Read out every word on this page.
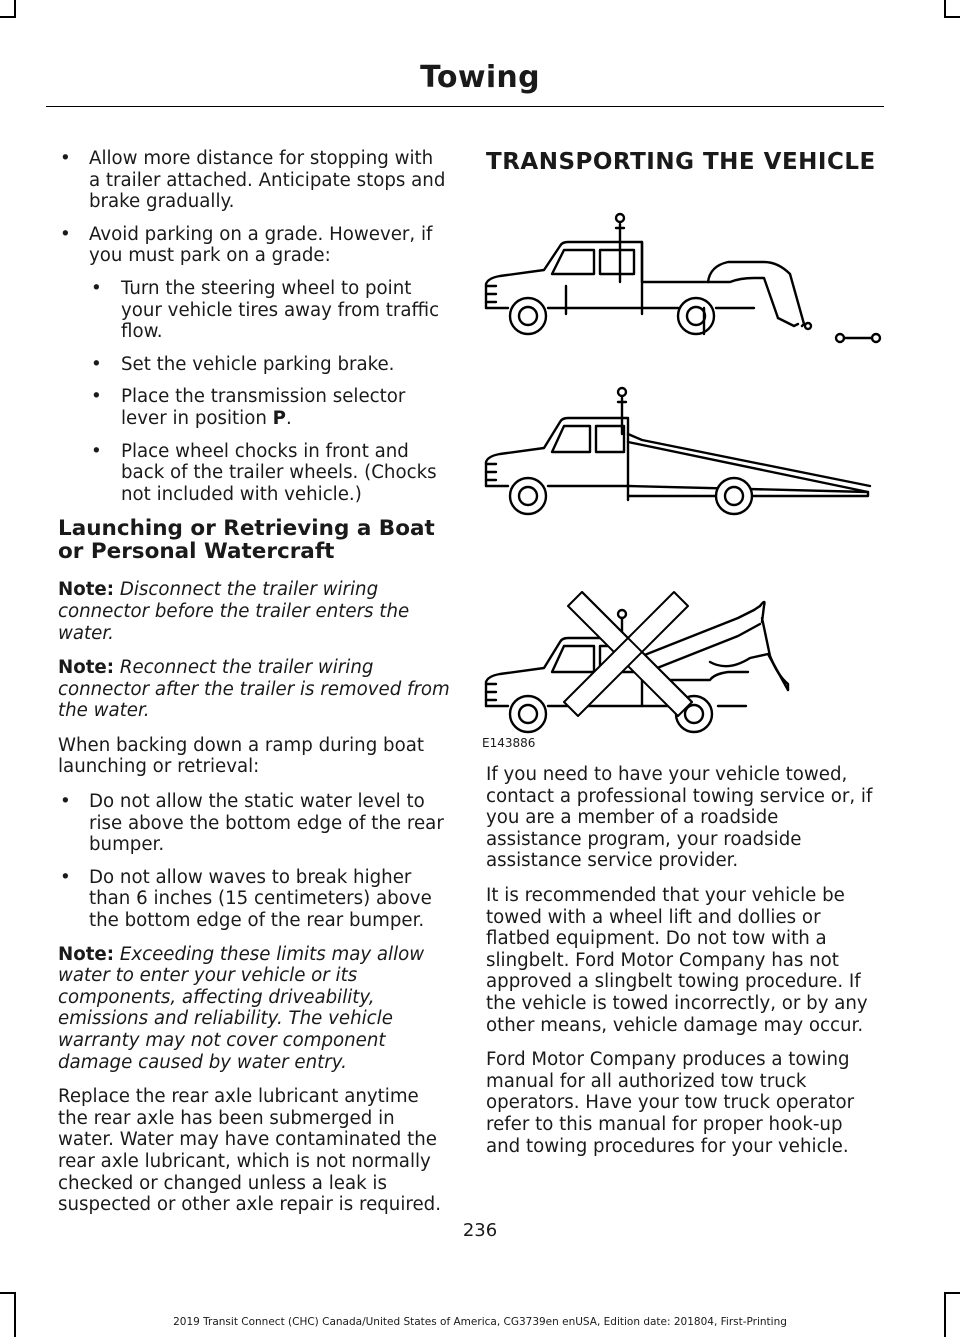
Towing
• Allow more distance for stopping with a trailer attached. Anticipate stops and brake gradually.
• Avoid parking on a grade. However, if you must park on a grade:
• Turn the steering wheel to point your vehicle tires away from traffic flow.
• Set the vehicle parking brake.
• Place the transmission selector lever in position P.
• Place wheel chocks in front and back of the trailer wheels. (Chocks not included with vehicle.)
Launching or Retrieving a Boat or Personal Watercraft

Note: Disconnect the trailer wiring connector before the trailer enters the water.

Note: Reconnect the trailer wiring connector after the trailer is removed from the water.

When backing down a ramp during boat launching or retrieval:

• Do not allow the static water level to rise above the bottom edge of the rear bumper.
• Do not allow waves to break higher than 6 inches (15 centimeters) above the bottom edge of the rear bumper.

Note: Exceeding these limits may allow water to enter your vehicle or its components, affecting driveability, emissions and reliability. The vehicle warranty may not cover component damage caused by water entry.

Replace the rear axle lubricant anytime the rear axle has been submerged in water. Water may have contaminated the rear axle lubricant, which is not normally checked or changed unless a leak is suspected or other axle repair is required.

TRANSPORTING THE VEHICLE
E143886

If you need to have your vehicle towed, contact a professional towing service or, if you are a member of a roadside assistance program, your roadside assistance service provider.

It is recommended that your vehicle be towed with a wheel lift and dollies or flatbed equipment. Do not tow with a slingbelt. Ford Motor Company has not approved a slingbelt towing procedure. If the vehicle is towed incorrectly, or by any other means, vehicle damage may occur.

Ford Motor Company produces a towing manual for all authorized tow truck operators. Have your tow truck operator refer to this manual for proper hook-up and towing procedures for your vehicle.

236
2019 Transit Connect (CHC) Canada/United States of America, CG3739en enUSA, Edition date: 201804, First-Printing
